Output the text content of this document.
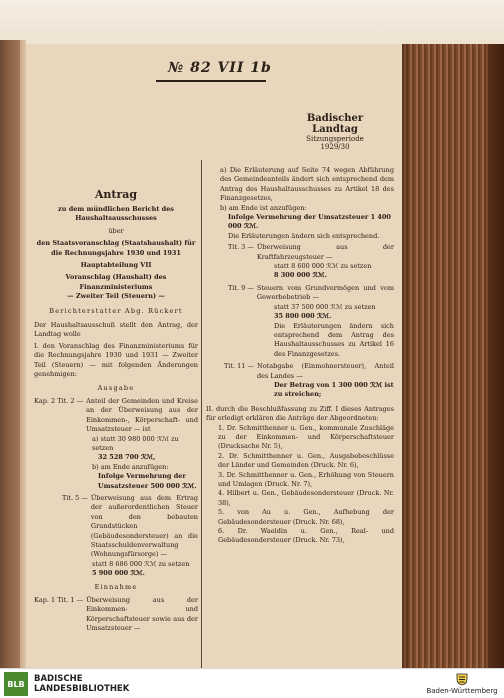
№ 82 VII 1b
Badischer Landtag
Sitzungsperiode
1929/30
Antrag
zu dem mündlichen Bericht des Haushaltsausschusses
über
den Staatsvoranschlag (Staatshaushalt) für die Rechnungsjahre 1930 und 1931
Hauptabteilung VII
Voranschlag (Haushalt) des Finanzministeriums
— Zweiter Teil (Steuern) —
Berichterstatter Abg. Rückert
Der Haushaltsausschuß stellt den Antrag, der Landtag wolle
I. den Voranschlag des Finanzministeriums für die Rechnungsjahre 1930 und 1931 — Zweiter Teil (Steuern) — mit folgenden Änderungen genehmigen:
Ausgabe
Kap. 2 Tit. 2 — Anteil der Gemeinden und Kreise an der Überweisung aus der Einkommen-, Körperschaft- und Umsatzsteuer — ist
a) statt 30 980 000 ℛℳ zu setzen
32 528 700 ℛℳ,
b) am Ende anzufügen:
Infolge Vermehrung der Umsatzsteuer 500 000 ℛℳ.
Tit. 5 — Überweisung aus dem Ertrag der außerordentlichen Steuer von den bebauten Grundstücken (Gebäudesondersteuer) an die Staatsschuldenverwaltung (Wohnungsfürsorge) —
statt 8 686 000 ℛℳ zu setzen
5 900 000 ℛℳ.
Einnahme
Kap. 1 Tit. 1 — Überweisung aus der Einkommen- und Körperschaftsteuer sowie aus der Umsatzsteuer —
a) Die Erläuterung auf Seite 74 wegen Abführung des Gemeindeanteils ändert sich entsprechend dem Antrag des Haushaltausschusses zu Artikel 18 des Finanzgesetzes,
b) am Ende ist anzufügen:
Infolge Vermehrung der Umsatzsteuer 1 400 000 ℛℳ.
Die Erläuterungen ändern sich entsprechend.
Tit. 3 — Überweisung aus der Kraftfahrzeugsteuer —
statt 8 600 000 ℛℳ zu setzen
8 300 000 ℛℳ.
Tit. 9 — Steuern vom Grundvermögen und vom Gewerbebetrieb —
statt 37 500 000 ℛℳ zu setzen
35 800 000 ℛℳ.
Die Erläuterungen ändern sich entsprechend dem Antrag des Haushaltausschusses zu Artikel 16 des Finanzgesetzes.
Tit. 11 — Notabgabe (Einmohnersteuer), Anteil des Landes —
Der Betrag von 1 300 000 ℛℳ ist zu streichen;
II. durch die Beschlußfassung zu Ziff. I dieses Antrages für erledigt erklären die Anträge der Abgeordneten:
1. Dr. Schmitthenner u. Gen., kommunale Zuschläge zu der Einkommen- und Körperschaftsteuer (Drucksache Nr. 5),
2. Dr. Schmitthenner u. Gen., Ausgabebeschlüsse der Länder und Gemeinden (Druck. Nr. 6),
3. Dr. Schmitthenner u. Gen., Erhöhung von Steuern und Umlagen (Druck. Nr. 7),
4. Hilbert u. Gen., Gebäudesondersteuer (Druck. Nr. 38),
5. von Au u. Gen., Aufhebung der Gebäudesondersteuer (Druck. Nr. 68),
6. Dr. Waeldin u. Gen., Real- und Gebäudesondersteuer (Druck. Nr. 73),
BLB	BADISCHE
LANDESBIBLIOTHEK	Baden-Württemberg
